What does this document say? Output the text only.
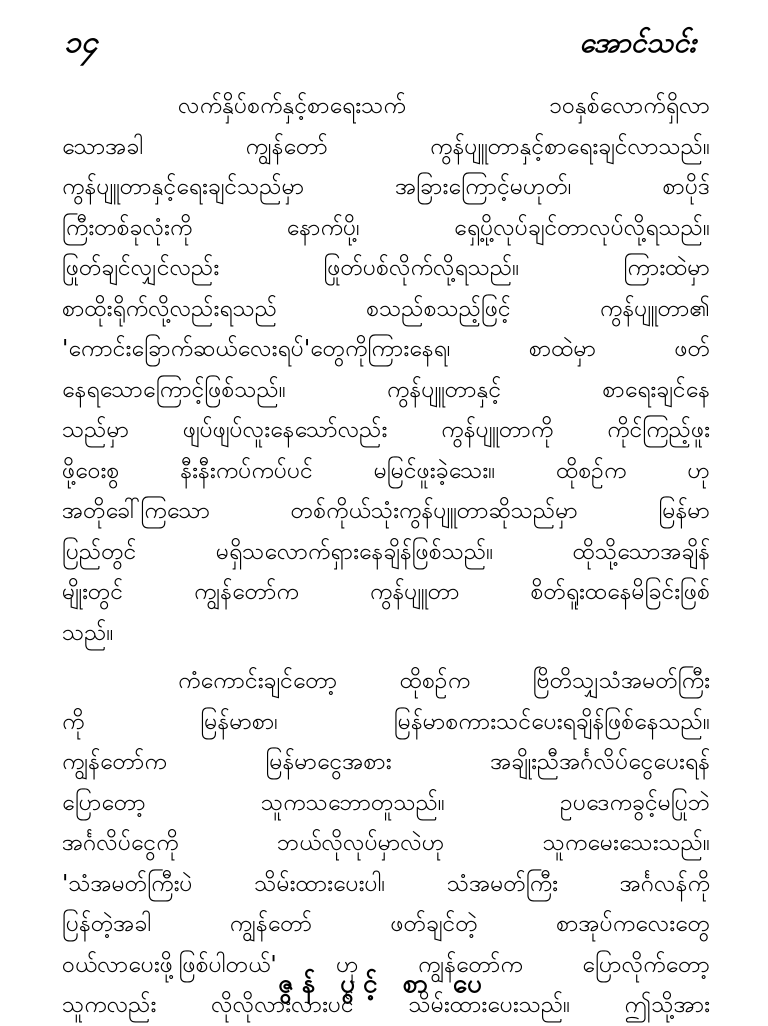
၁၄	အောင်သင်း
လက်နှိပ်စက်နှင့်စာရေးသက် ၁၀နှစ်လောက်ရှိလာ
သောအခါ ကျွန်တော် ကွန်ပျူတာနှင့်စာရေးချင်လာသည်။
ကွန်ပျူတာနှင့်ရေးချင်သည်မှာ အခြားကြောင့်မဟုတ်၊ စာပိုဒ်
ကြီးတစ်ခုလုံးကို နောက်ပို့၊ ရှေ့ပို့လုပ်ချင်တာလုပ်လို့ရသည်။
ဖြုတ်ချင်လျှင်လည်း ဖြုတ်ပစ်လိုက်လို့ရသည်။ ကြားထဲမှာ
စာထိုးရိုက်လို့လည်းရသည် စသည်စသည့်ဖြင့် ကွန်ပျူတာ၏
'ကောင်းခြောက်ဆယ်လေးရပ်'တွေကိုကြားနေရ၊ စာထဲမှာ ဖတ်
နေရသောကြောင့်ဖြစ်သည်။ ကွန်ပျူတာနှင့် စာရေးချင်နေ
သည်မှာ ဖျပ်ဖျပ်လူးနေသော်လည်း ကွန်ပျူတာကို ကိုင်ကြည့်ဖူး
ဖို့ဝေးစွ နီးနီးကပ်ကပ်ပင် မမြင်ဖူးခဲ့သေး။ ထိုစဉ်က ဟု
အတိုခေါ်ကြသော တစ်ကိုယ်သုံးကွန်ပျူတာဆိုသည်မှာ မြန်မာ
ပြည်တွင် မရှိသလောက်ရှားနေချိန်ဖြစ်သည်။ ထိုသို့သောအချိန်
မျိုးတွင် ကျွန်တော်က ကွန်ပျူတာ စိတ်ရူးထနေမိခြင်းဖြစ်
သည်။
ကံကောင်းချင်တော့ ထိုစဉ်က ဗြိတိသျှသံအမတ်ကြီး
ကို မြန်မာစာ၊ မြန်မာစကားသင်ပေးရချိန်ဖြစ်နေသည်။
ကျွန်တော်က မြန်မာငွေအစား အချိုးညီအင်္ဂလိပ်ငွေပေးရန်
ပြောတော့ သူကသဘောတူသည်။ ဥပဒေကခွင့်မပြုဘဲ
အင်္ဂလိပ်ငွေကို ဘယ်လိုလုပ်မှာလဲဟု သူကမေးသေးသည်။
'သံအမတ်ကြီးပဲ သိမ်းထားပေးပါ၊ သံအမတ်ကြီး အင်္ဂလန်ကို
ပြန်တဲ့အခါ ကျွန်တော် ဖတ်ချင်တဲ့ စာအုပ်ကလေးတွေ
ဝယ်လာပေးဖို့ဖြစ်ပါတယ်' ဟု ကျွန်တော်က ပြောလိုက်တော့
သူကလည်း လိုလိုလားလားပင် သိမ်းထားပေးသည်။ ဤသို့အား
ဇွန် ပွင့် စာ ပေ
